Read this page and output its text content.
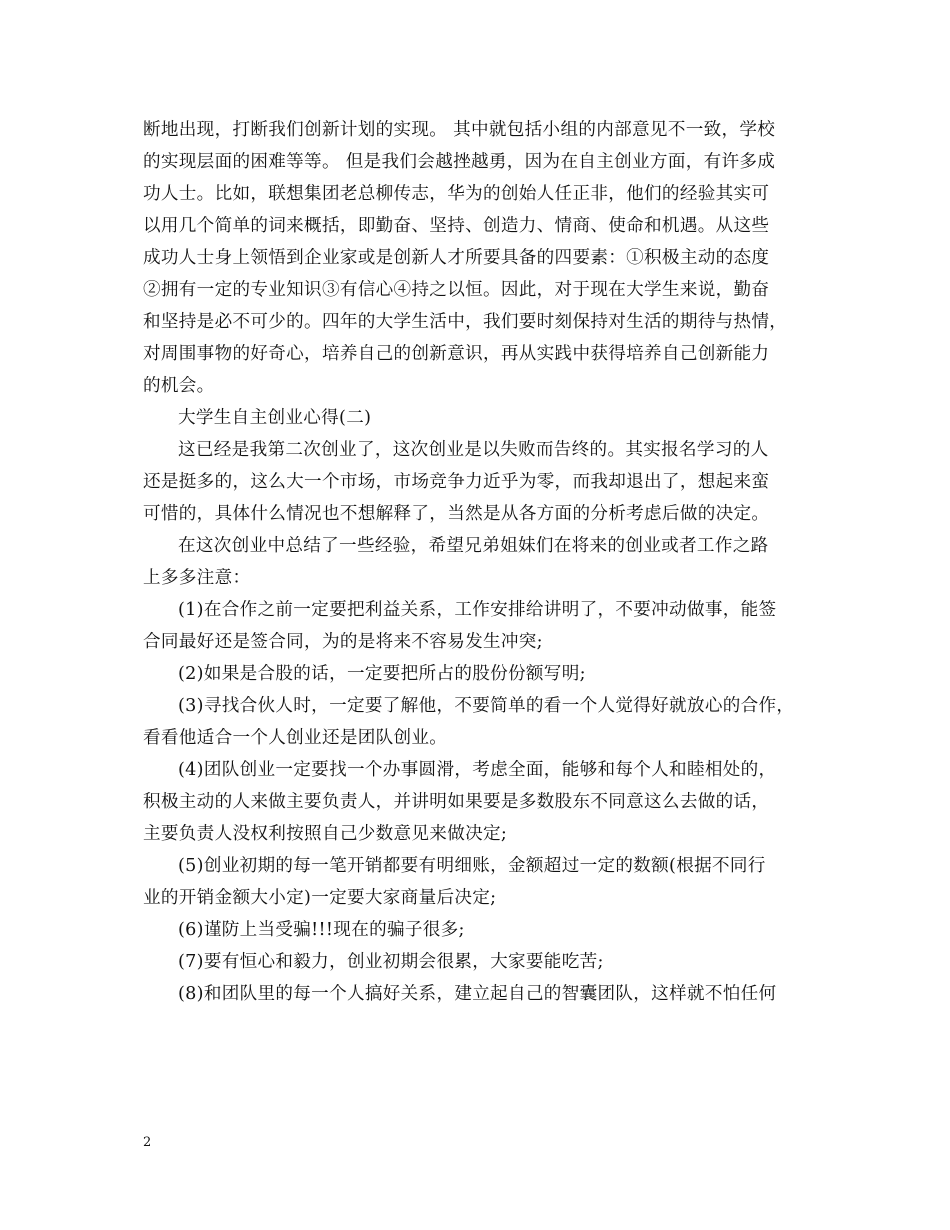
断地出现，打断我们创新计划的实现。 其中就包括小组的内部意见不一致，学校
的实现层面的困难等等。 但是我们会越挫越勇，因为在自主创业方面，有许多成
功人士。比如，联想集团老总柳传志，华为的创始人任正非，他们的经验其实可
以用几个简单的词来概括，即勤奋、坚持、创造力、情商、使命和机遇。从这些
成功人士身上领悟到企业家或是创新人才所要具备的四要素：①积极主动的态度
②拥有一定的专业知识③有信心④持之以恒。因此，对于现在大学生来说，勤奋
和坚持是必不可少的。四年的大学生活中，我们要时刻保持对生活的期待与热情，
对周围事物的好奇心，培养自己的创新意识，再从实践中获得培养自己创新能力
的机会。
大学生自主创业心得(二)
这已经是我第二次创业了，这次创业是以失败而告终的。其实报名学习的人
还是挺多的，这么大一个市场，市场竞争力近乎为零，而我却退出了，想起来蛮
可惜的，具体什么情况也不想解释了，当然是从各方面的分析考虑后做的决定。
在这次创业中总结了一些经验，希望兄弟姐妹们在将来的创业或者工作之路
上多多注意：
(1)在合作之前一定要把利益关系，工作安排给讲明了，不要冲动做事，能签
合同最好还是签合同，为的是将来不容易发生冲突;
(2)如果是合股的话，一定要把所占的股份份额写明;
(3)寻找合伙人时，一定要了解他，不要简单的看一个人觉得好就放心的合作，
看看他适合一个人创业还是团队创业。
(4)团队创业一定要找一个办事圆滑，考虑全面，能够和每个人和睦相处的，
积极主动的人来做主要负责人，并讲明如果要是多数股东不同意这么去做的话，
主要负责人没权利按照自己少数意见来做决定;
(5)创业初期的每一笔开销都要有明细账，金额超过一定的数额(根据不同行
业的开销金额大小定)一定要大家商量后决定;
(6)谨防上当受骗!!!现在的骗子很多;
(7)要有恒心和毅力，创业初期会很累，大家要能吃苦;
(8)和团队里的每一个人搞好关系，建立起自己的智囊团队，这样就不怕任何
2
